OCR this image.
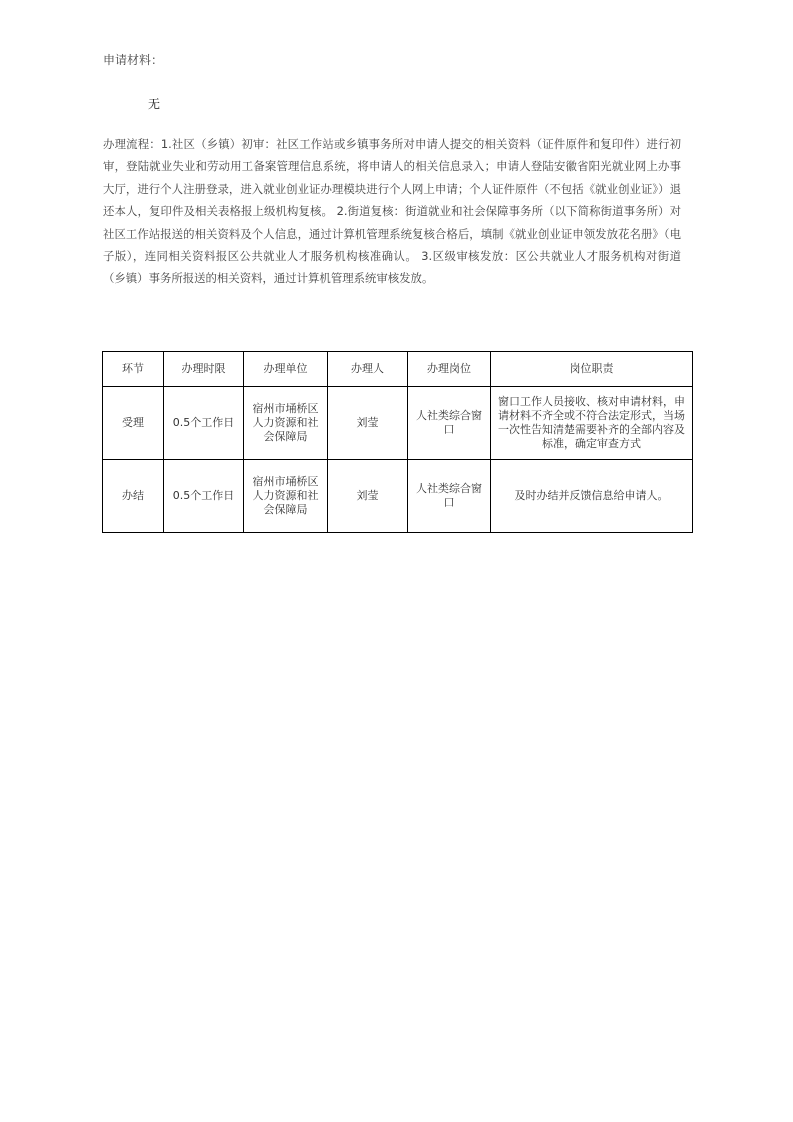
申请材料：
无
办理流程：1.社区（乡镇）初审：社区工作站或乡镇事务所对申请人提交的相关资料（证件原件和复印件）进行初审，登陆就业失业和劳动用工备案管理信息系统，将申请人的相关信息录入；申请人登陆安徽省阳光就业网上办事大厅，进行个人注册登录，进入就业创业证办理模块进行个人网上申请；个人证件原件（不包括《就业创业证》）退还本人，复印件及相关表格报上级机构复核。 2.街道复核：街道就业和社会保障事务所（以下简称街道事务所）对社区工作站报送的相关资料及个人信息，通过计算机管理系统复核合格后，填制《就业创业证申领发放花名册》（电子版），连同相关资料报区公共就业人才服务机构核准确认。 3.区级审核发放：区公共就业人才服务机构对街道（乡镇）事务所报送的相关资料，通过计算机管理系统审核发放。
环节	办理时限	办理单位	办理人	办理岗位	岗位职责
受理	0.5个工作日	宿州市埇桥区人力资源和社会保障局	刘莹	人社类综合窗口	窗口工作人员接收、核对申请材料，申请材料不齐全或不符合法定形式，当场一次性告知清楚需要补齐的全部内容及标准，确定审查方式
办结	0.5个工作日	宿州市埇桥区人力资源和社会保障局	刘莹	人社类综合窗口	及时办结并反馈信息给申请人。
